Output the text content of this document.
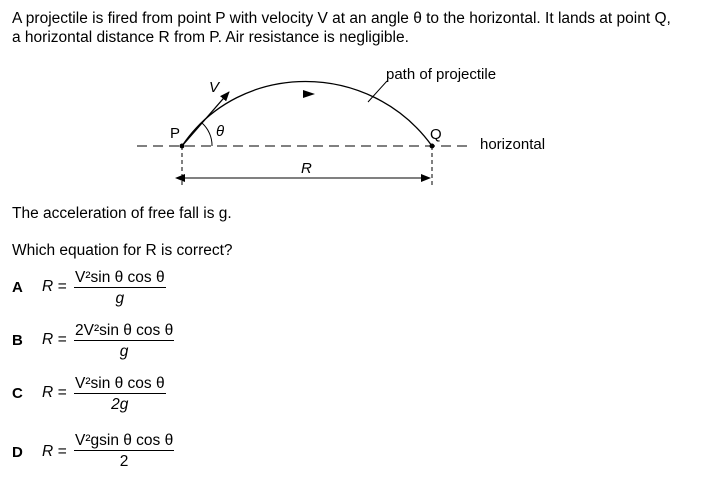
A projectile is fired from point P with velocity V at an angle θ to the horizontal. It lands at point Q,
a horizontal distance R from P. Air resistance is negligible.
P	Q
V
θ
R
path of projectile
horizontal
The acceleration of free fall is g.
Which equation for R is correct?
A $R = \frac{\text{V²sin θ cos θ}}{g}$
B $R = \frac{\text{2V²sin θ cos θ}}{g}$
C $R = \frac{\text{V²sin θ cos θ}}{2g}$
D $R = \frac{\text{V²gsin θ cos θ}}{2}$
